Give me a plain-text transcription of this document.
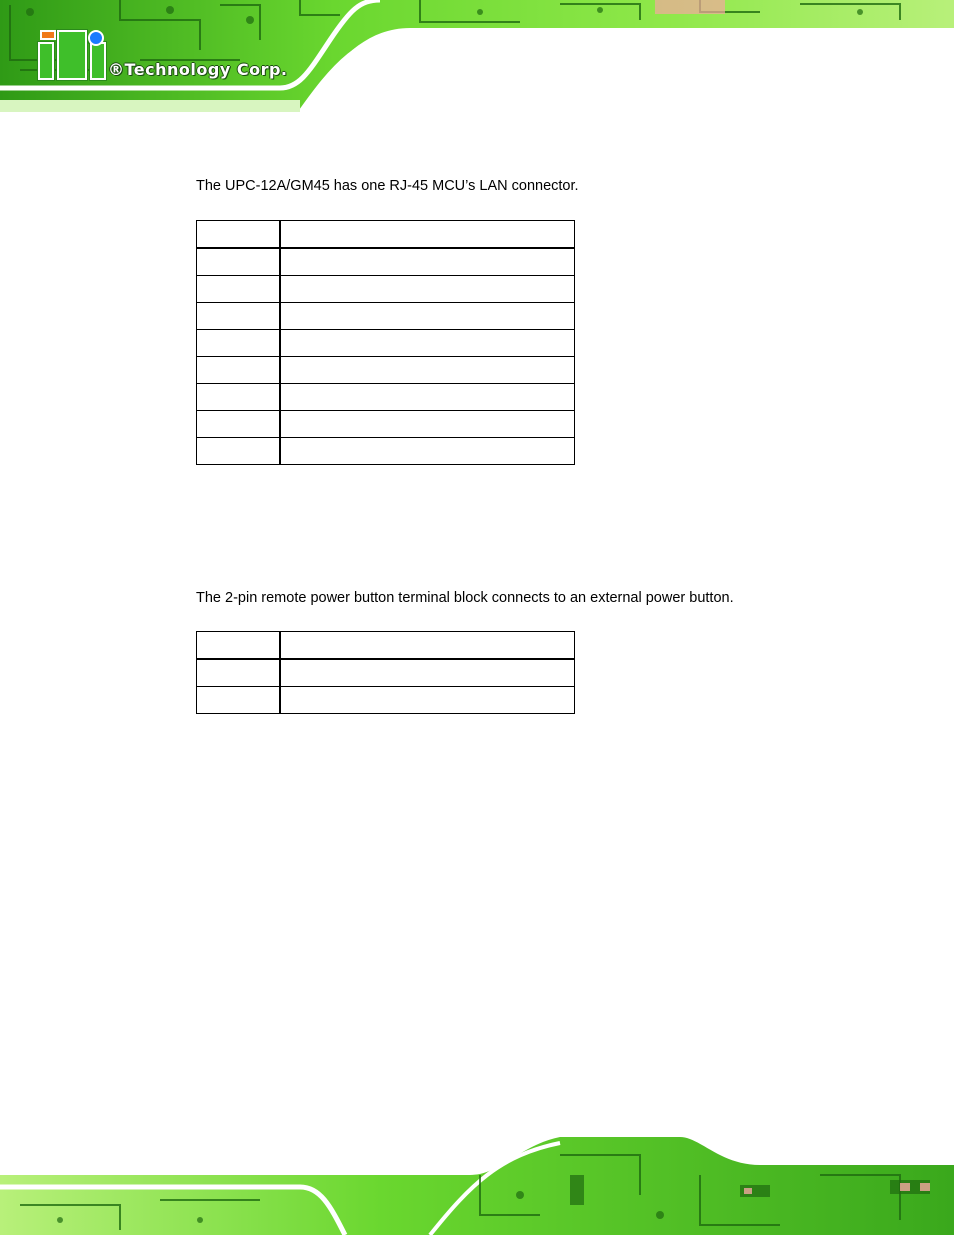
®Technology Corp.
The UPC-12A/GM45 has one RJ-45 MCU’s LAN connector.

The 2-pin remote power button terminal block connects to an external power button.
